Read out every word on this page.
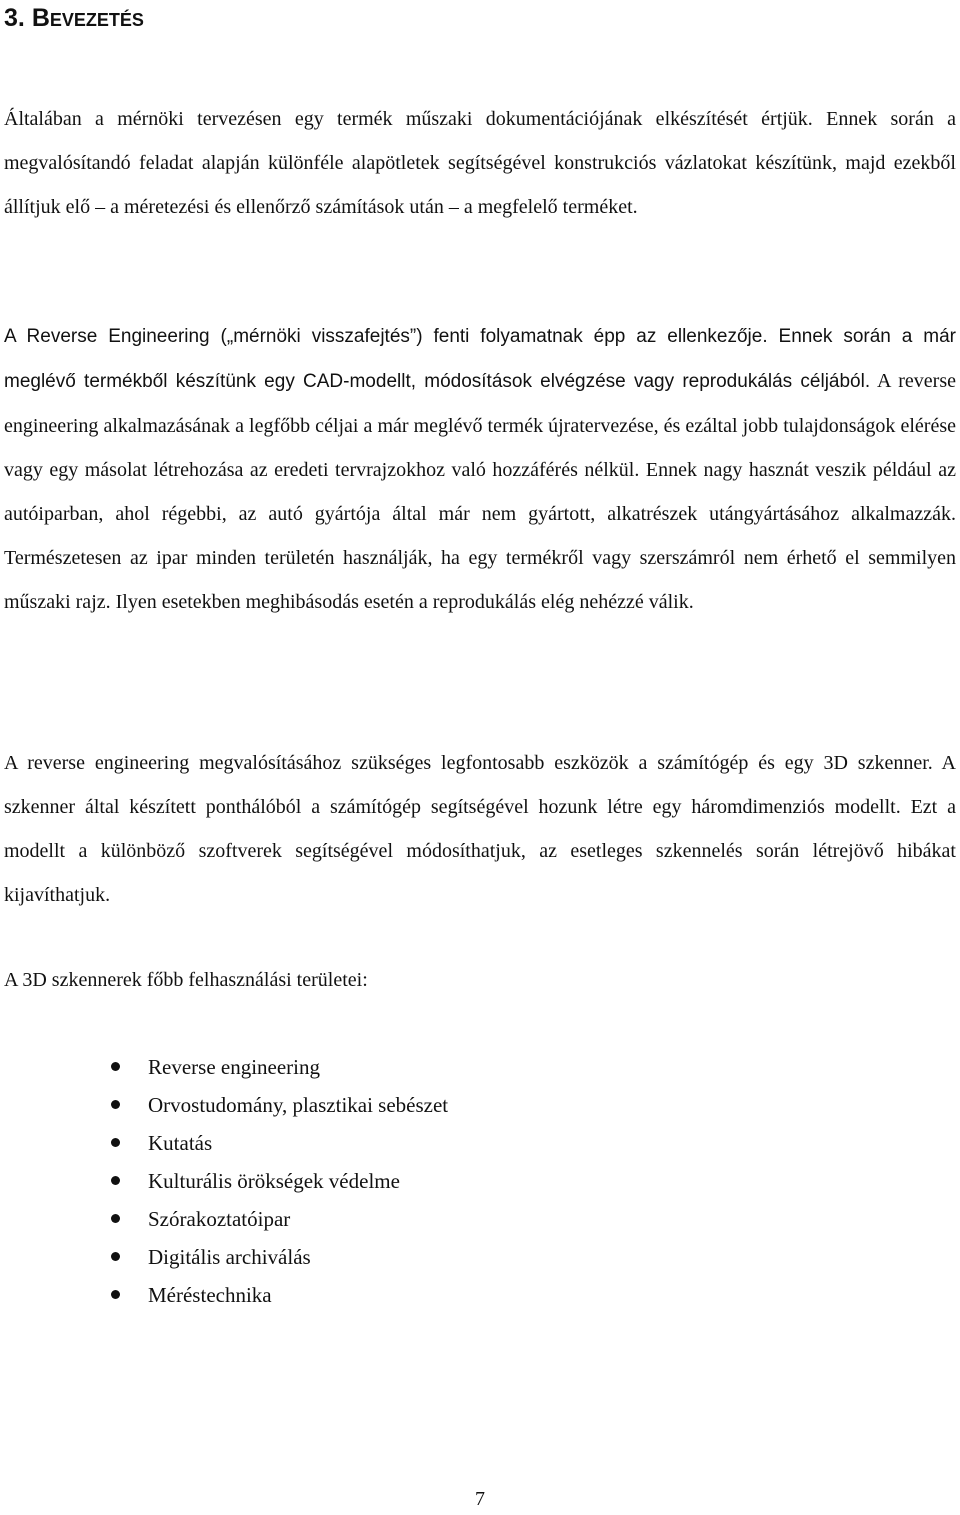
3. Bevezetés

Általában a mérnöki tervezésen egy termék műszaki dokumentációjának elkészítését értjük. Ennek során a megvalósítandó feladat alapján különféle alapötletek segítségével konstrukciós vázlatokat készítünk, majd ezekből állítjuk elő – a méretezési és ellenőrző számítások után – a megfelelő terméket.

A Reverse Engineering („mérnöki visszafejtés”) fenti folyamatnak épp az ellenkezője. Ennek során a már meglévő termékből készítünk egy CAD-modellt, módosítások elvégzése vagy reprodukálás céljából. A reverse engineering alkalmazásának a legfőbb céljai a már meglévő termék újratervezése, és ezáltal jobb tulajdonságok elérése vagy egy másolat létrehozása az eredeti tervrajzokhoz való hozzáférés nélkül. Ennek nagy hasznát veszik például az autóiparban, ahol régebbi, az autó gyártója által már nem gyártott, alkatrészek utángyártásához alkalmazzák. Természetesen az ipar minden területén használják, ha egy termékről vagy szerszámról nem érhető el semmilyen műszaki rajz. Ilyen esetekben meghibásodás esetén a reprodukálás elég nehézzé válik.

A reverse engineering megvalósításához szükséges legfontosabb eszközök a számítógép és egy 3D szkenner. A szkenner által készített ponthálóból a számítógép segítségével hozunk létre egy háromdimenziós modellt. Ezt a modellt a különböző szoftverek segítségével módosíthatjuk, az esetleges szkennelés során létrejövő hibákat kijavíthatjuk.

A 3D szkennerek főbb felhasználási területei:

Reverse engineering
Orvostudomány, plasztikai sebészet
Kutatás
Kulturális örökségek védelme
Szórakoztatóipar
Digitális archiválás
Méréstechnika
7
